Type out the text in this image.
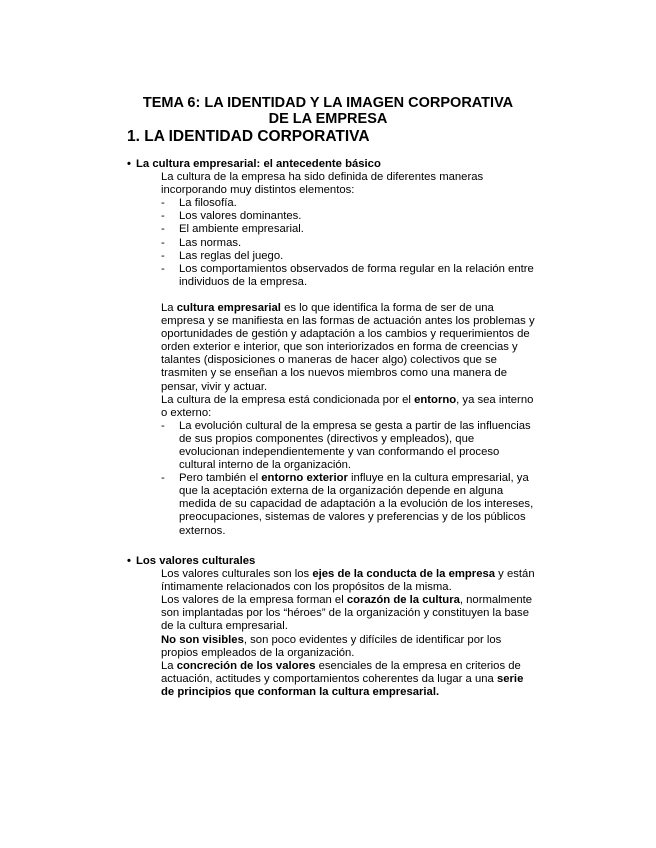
TEMA 6: LA IDENTIDAD Y LA IMAGEN CORPORATIVA
DE LA EMPRESA
1. LA IDENTIDAD CORPORATIVA
• La cultura empresarial: el antecedente básico

La cultura de la empresa ha sido definida de diferentes maneras incorporando muy distintos elementos:

- La filosofía.
- Los valores dominantes.
- El ambiente empresarial.
- Las normas.
- Las reglas del juego.
- Los comportamientos observados de forma regular en la relación entre individuos de la empresa.

La cultura empresarial es lo que identifica la forma de ser de una empresa y se manifiesta en las formas de actuación antes los problemas y oportunidades de gestión y adaptación a los cambios y requerimientos de orden exterior e interior, que son interiorizados en forma de creencias y talantes (disposiciones o maneras de hacer algo) colectivos que se trasmiten y se enseñan a los nuevos miembros como una manera de pensar, vivir y actuar.

La cultura de la empresa está condicionada por el entorno, ya sea interno o externo:

- La evolución cultural de la empresa se gesta a partir de las influencias de sus propios componentes (directivos y empleados), que evolucionan independientemente y van conformando el proceso cultural interno de la organización.
- Pero también el entorno exterior influye en la cultura empresarial, ya que la aceptación externa de la organización depende en alguna medida de su capacidad de adaptación a la evolución de los intereses, preocupaciones, sistemas de valores y preferencias y de los públicos externos.
• Los valores culturales

Los valores culturales son los ejes de la conducta de la empresa y están íntimamente relacionados con los propósitos de la misma.

Los valores de la empresa forman el corazón de la cultura, normalmente son implantadas por los “héroes” de la organización y constituyen la base de la cultura empresarial.

No son visibles, son poco evidentes y difíciles de identificar por los propios empleados de la organización.

La concreción de los valores esenciales de la empresa en criterios de actuación, actitudes y comportamientos coherentes da lugar a una serie de principios que conforman la cultura empresarial.
